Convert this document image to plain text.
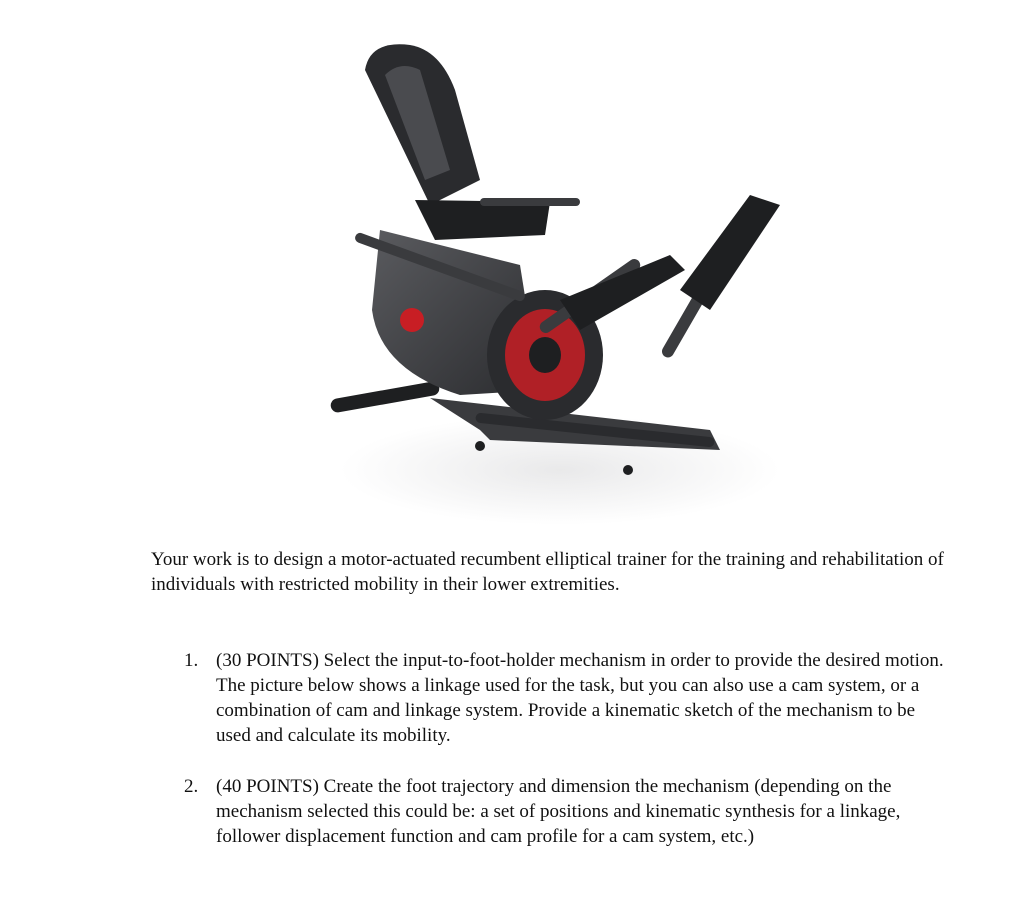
Your work is to design a motor-actuated recumbent elliptical trainer for the training and rehabilitation of individuals with restricted mobility in their lower extremities.

1. (30 POINTS) Select the input-to-foot-holder mechanism in order to provide the desired motion. The picture below shows a linkage used for the task, but you can also use a cam system, or a combination of cam and linkage system. Provide a kinematic sketch of the mechanism to be used and calculate its mobility.
2. (40 POINTS) Create the foot trajectory and dimension the mechanism (depending on the mechanism selected this could be: a set of positions and kinematic synthesis for a linkage, follower displacement function and cam profile for a cam system, etc.)
